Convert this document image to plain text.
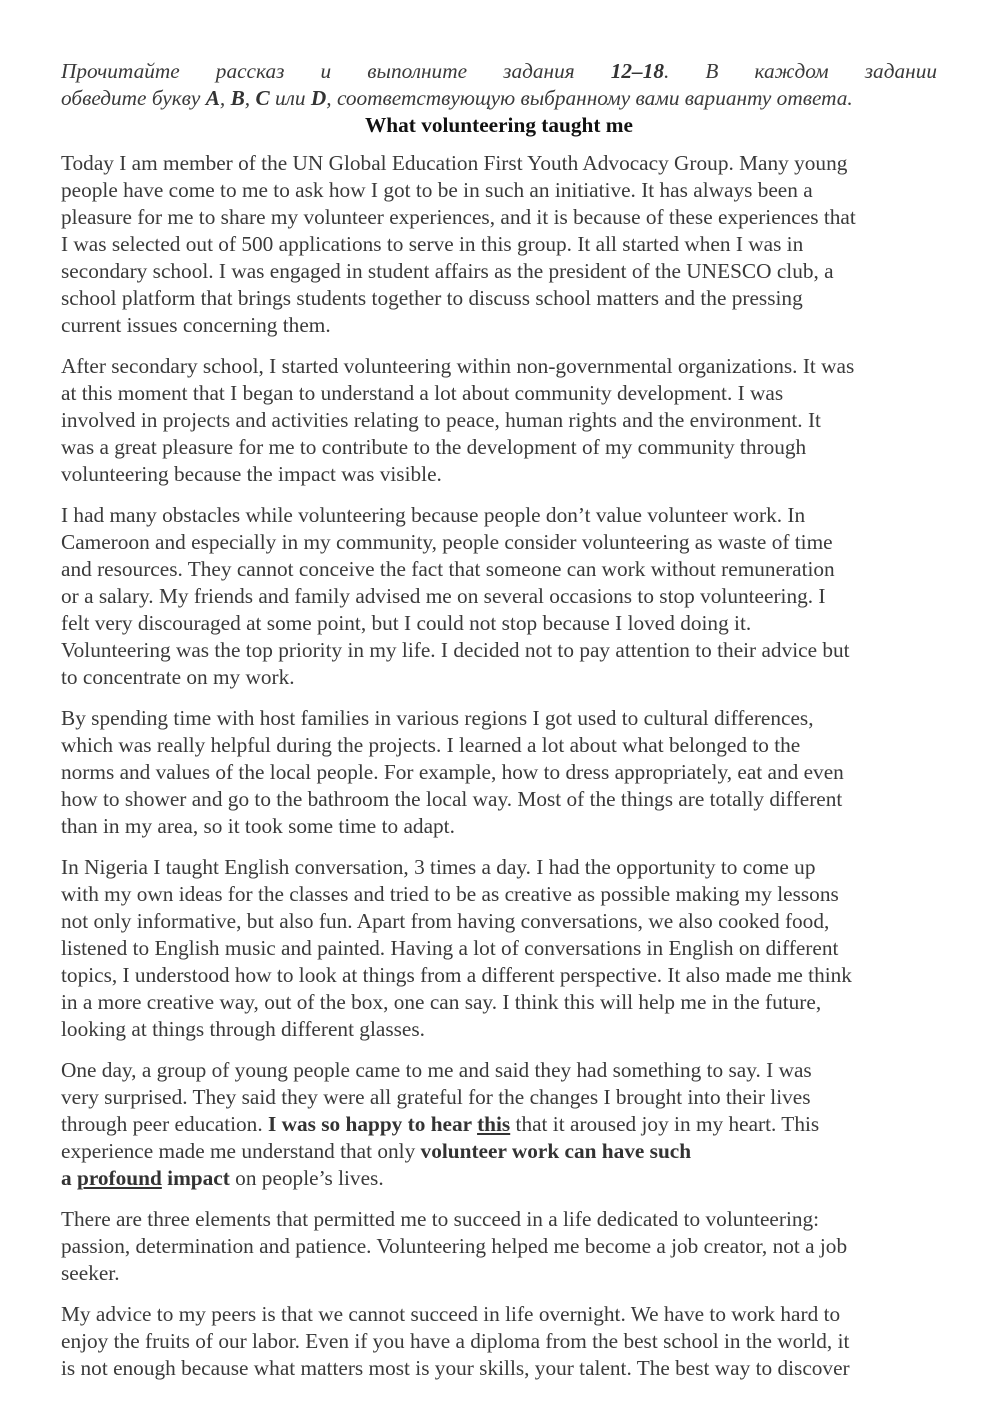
Прочитайте рассказ и выполните задания 12–18. В каждом задании

обведите букву A, B, C или D, соответствующую выбранному вами варианту ответа.

What volunteering taught me

Today I am member of the UN Global Education First Youth Advocacy Group. Many young
people have come to me to ask how I got to be in such an initiative. It has always been a
pleasure for me to share my volunteer experiences, and it is because of these experiences that
I was selected out of 500 applications to serve in this group. It all started when I was in
secondary school. I was engaged in student affairs as the president of the UNESCO club, a
school platform that brings students together to discuss school matters and the pressing
current issues concerning them.

After secondary school, I started volunteering within non-governmental organizations. It was
at this moment that I began to understand a lot about community development. I was
involved in projects and activities relating to peace, human rights and the environment. It
was a great pleasure for me to contribute to the development of my community through
volunteering because the impact was visible.

I had many obstacles while volunteering because people don’t value volunteer work. In
Cameroon and especially in my community, people consider volunteering as waste of time
and resources. They cannot conceive the fact that someone can work without remuneration
or a salary. My friends and family advised me on several occasions to stop volunteering. I
felt very discouraged at some point, but I could not stop because I loved doing it.
Volunteering was the top priority in my life. I decided not to pay attention to their advice but
to concentrate on my work.

By spending time with host families in various regions I got used to cultural differences,
which was really helpful during the projects. I learned a lot about what belonged to the
norms and values of the local people. For example, how to dress appropriately, eat and even
how to shower and go to the bathroom the local way. Most of the things are totally different
than in my area, so it took some time to adapt.

In Nigeria I taught English conversation, 3 times a day. I had the opportunity to come up
with my own ideas for the classes and tried to be as creative as possible making my lessons
not only informative, but also fun. Apart from having conversations, we also cooked food,
listened to English music and painted. Having a lot of conversations in English on different
topics, I understood how to look at things from a different perspective. It also made me think
in a more creative way, out of the box, one can say. I think this will help me in the future,
looking at things through different glasses.

One day, a group of young people came to me and said they had something to say. I was
very surprised. They said they were all grateful for the changes I brought into their lives
through peer education. I was so happy to hear this that it aroused joy in my heart. This
experience made me understand that only volunteer work can have such
a profound impact on people’s lives.

There are three elements that permitted me to succeed in a life dedicated to volunteering:
passion, determination and patience. Volunteering helped me become a job creator, not a job
seeker.

My advice to my peers is that we cannot succeed in life overnight. We have to work hard to
enjoy the fruits of our labor. Even if you have a diploma from the best school in the world, it
is not enough because what matters most is your skills, your talent. The best way to discover
